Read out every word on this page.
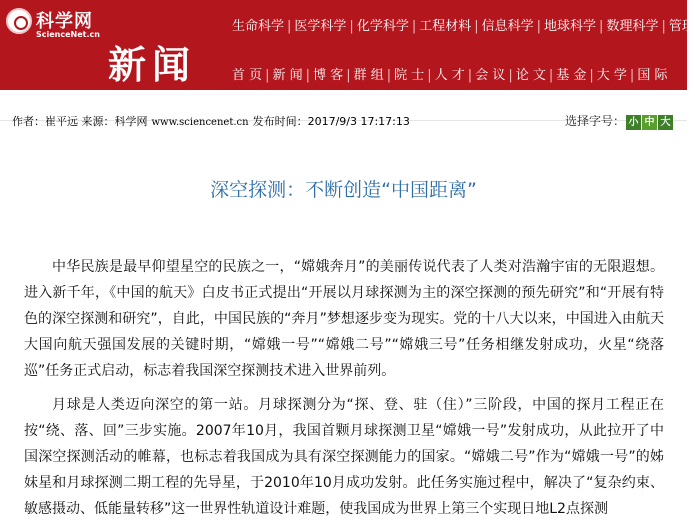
科学网
ScienceNet.cn
新闻
生命科学 | 医学科学 | 化学科学 | 工程材料 | 信息科学 | 地球科学 | 数理科学 | 管理
首 页 | 新 闻 | 博 客 | 群 组 | 院 士 | 人 才 | 会 议 | 论 文 | 基 金 | 大 学 | 国 际
作者：崔平远 来源：科学网 www.sciencenet.cn 发布时间：2017/9/3 17:17:13	选择字号： 小 中 大
深空探测：不断创造“中国距离”

中华民族是最早仰望星空的民族之一，“嫦娥奔月”的美丽传说代表了人类对浩瀚宇宙的无限遐想。进入新千年，《中国的航天》白皮书正式提出“开展以月球探测为主的深空探测的预先研究”和“开展有特色的深空探测和研究”，自此，中国民族的“奔月”梦想逐步变为现实。党的十八大以来，中国进入由航天大国向航天强国发展的关键时期，“嫦娥一号”“嫦娥二号”“嫦娥三号”任务相继发射成功，火星“绕落巡”任务正式启动，标志着我国深空探测技术进入世界前列。

月球是人类迈向深空的第一站。月球探测分为“探、登、驻（住）”三阶段，中国的探月工程正在按“绕、落、回”三步实施。2007年10月，我国首颗月球探测卫星“嫦娥一号”发射成功，从此拉开了中国深空探测活动的帷幕，也标志着我国成为具有深空探测能力的国家。“嫦娥二号”作为“嫦娥一号”的姊妹星和月球探测二期工程的先导星，于2010年10月成功发射。此任务实施过程中，解决了“复杂约束、敏感摄动、低能量转移”这一世界性轨道设计难题，使我国成为世界上第三个实现日地L2点探测
